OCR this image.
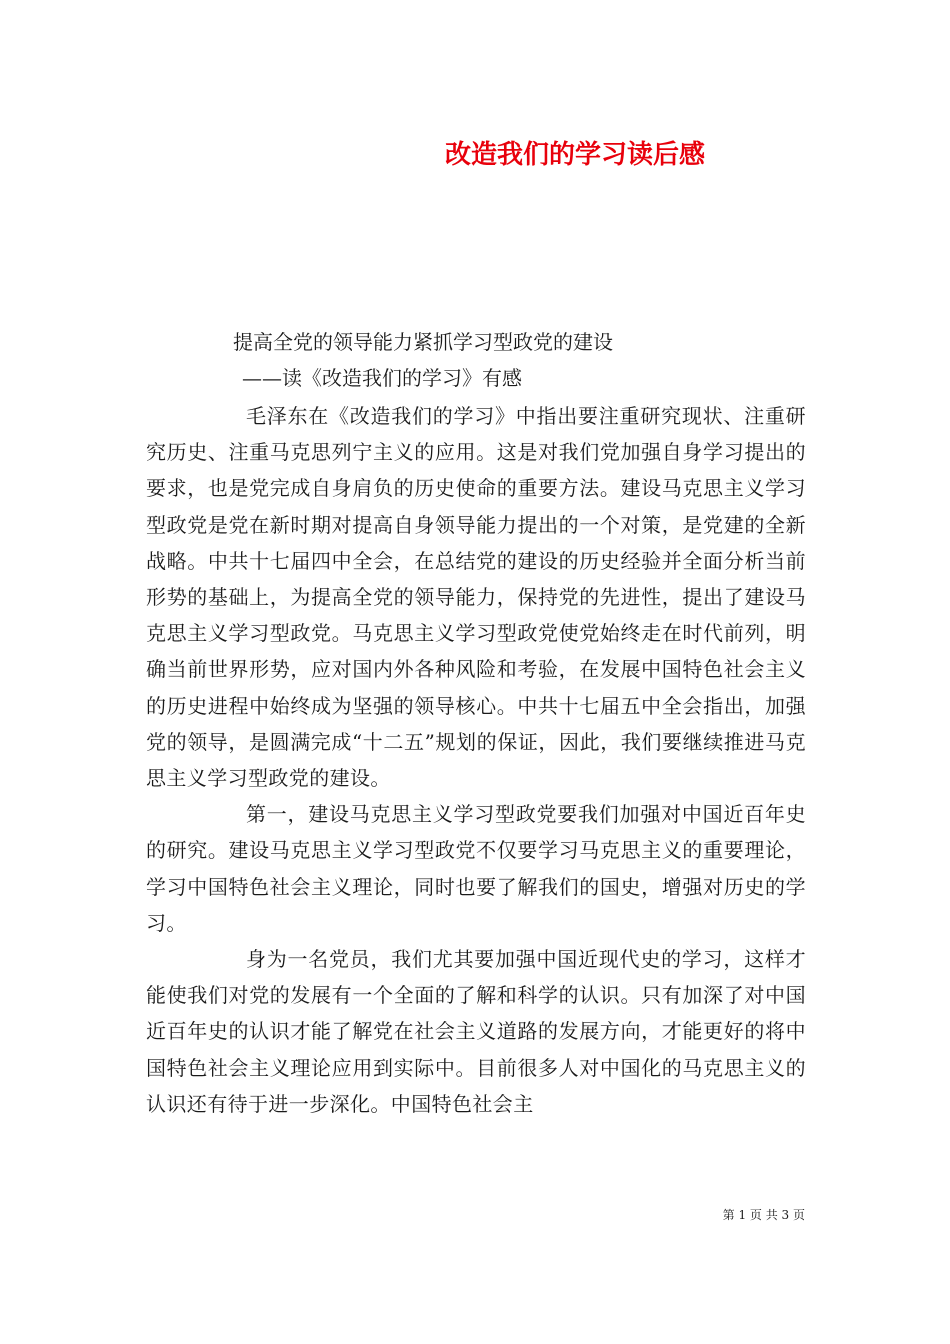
改造我们的学习读后感
提高全党的领导能力紧抓学习型政党的建设
——读《改造我们的学习》有感

毛泽东在《改造我们的学习》中指出要注重研究现状、注重研究历史、注重马克思列宁主义的应用。这是对我们党加强自身学习提出的要求，也是党完成自身肩负的历史使命的重要方法。建设马克思主义学习型政党是党在新时期对提高自身领导能力提出的一个对策，是党建的全新战略。中共十七届四中全会，在总结党的建设的历史经验并全面分析当前形势的基础上，为提高全党的领导能力，保持党的先进性，提出了建设马克思主义学习型政党。马克思主义学习型政党使党始终走在时代前列，明确当前世界形势，应对国内外各种风险和考验，在发展中国特色社会主义的历史进程中始终成为坚强的领导核心。中共十七届五中全会指出，加强党的领导，是圆满完成“十二五”规划的保证，因此，我们要继续推进马克思主义学习型政党的建设。

第一，建设马克思主义学习型政党要我们加强对中国近百年史的研究。建设马克思主义学习型政党不仅要学习马克思主义的重要理论，学习中国特色社会主义理论，同时也要了解我们的国史，增强对历史的学习。

身为一名党员，我们尤其要加强中国近现代史的学习，这样才能使我们对党的发展有一个全面的了解和科学的认识。只有加深了对中国近百年史的认识才能了解党在社会主义道路的发展方向，才能更好的将中国特色社会主义理论应用到实际中。目前很多人对中国化的马克思主义的认识还有待于进一步深化。中国特色社会主

第 1 页 共 3 页
